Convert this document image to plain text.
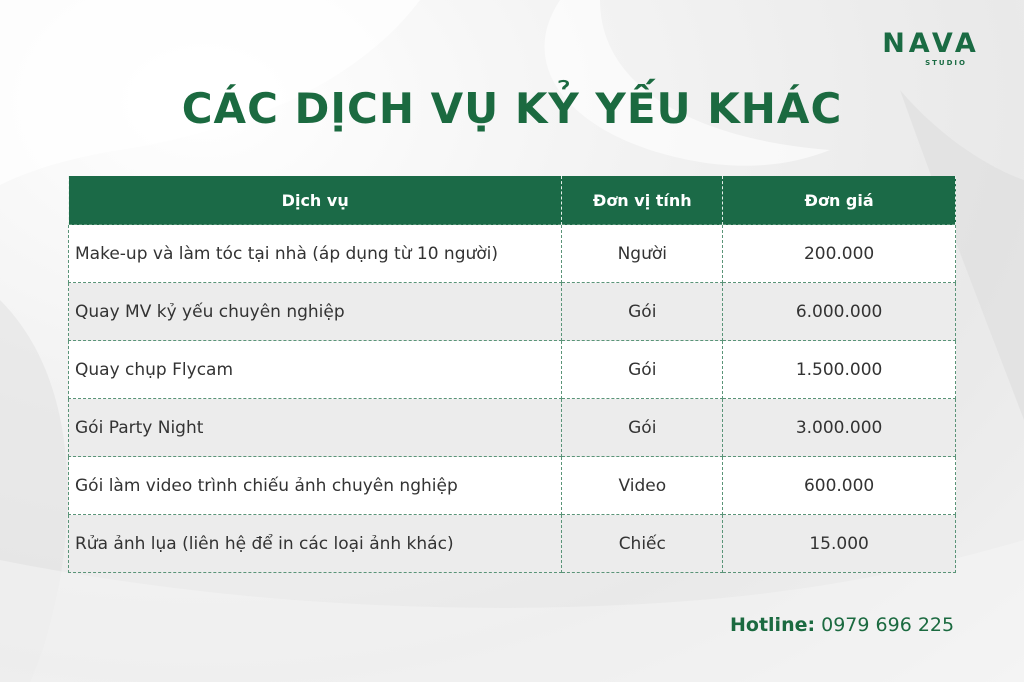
NAVA
STUDIO
CÁC DỊCH VỤ KỶ YẾU KHÁC
Dịch vụ	Đơn vị tính	Đơn giá
Make-up và làm tóc tại nhà (áp dụng từ 10 người)	Người	200.000
Quay MV kỷ yếu chuyên nghiệp	Gói	6.000.000
Quay chụp Flycam	Gói	1.500.000
Gói Party Night	Gói	3.000.000
Gói làm video trình chiếu ảnh chuyên nghiệp	Video	600.000
Rửa ảnh lụa (liên hệ để in các loại ảnh khác)	Chiếc	15.000
Hotline: 0979 696 225
